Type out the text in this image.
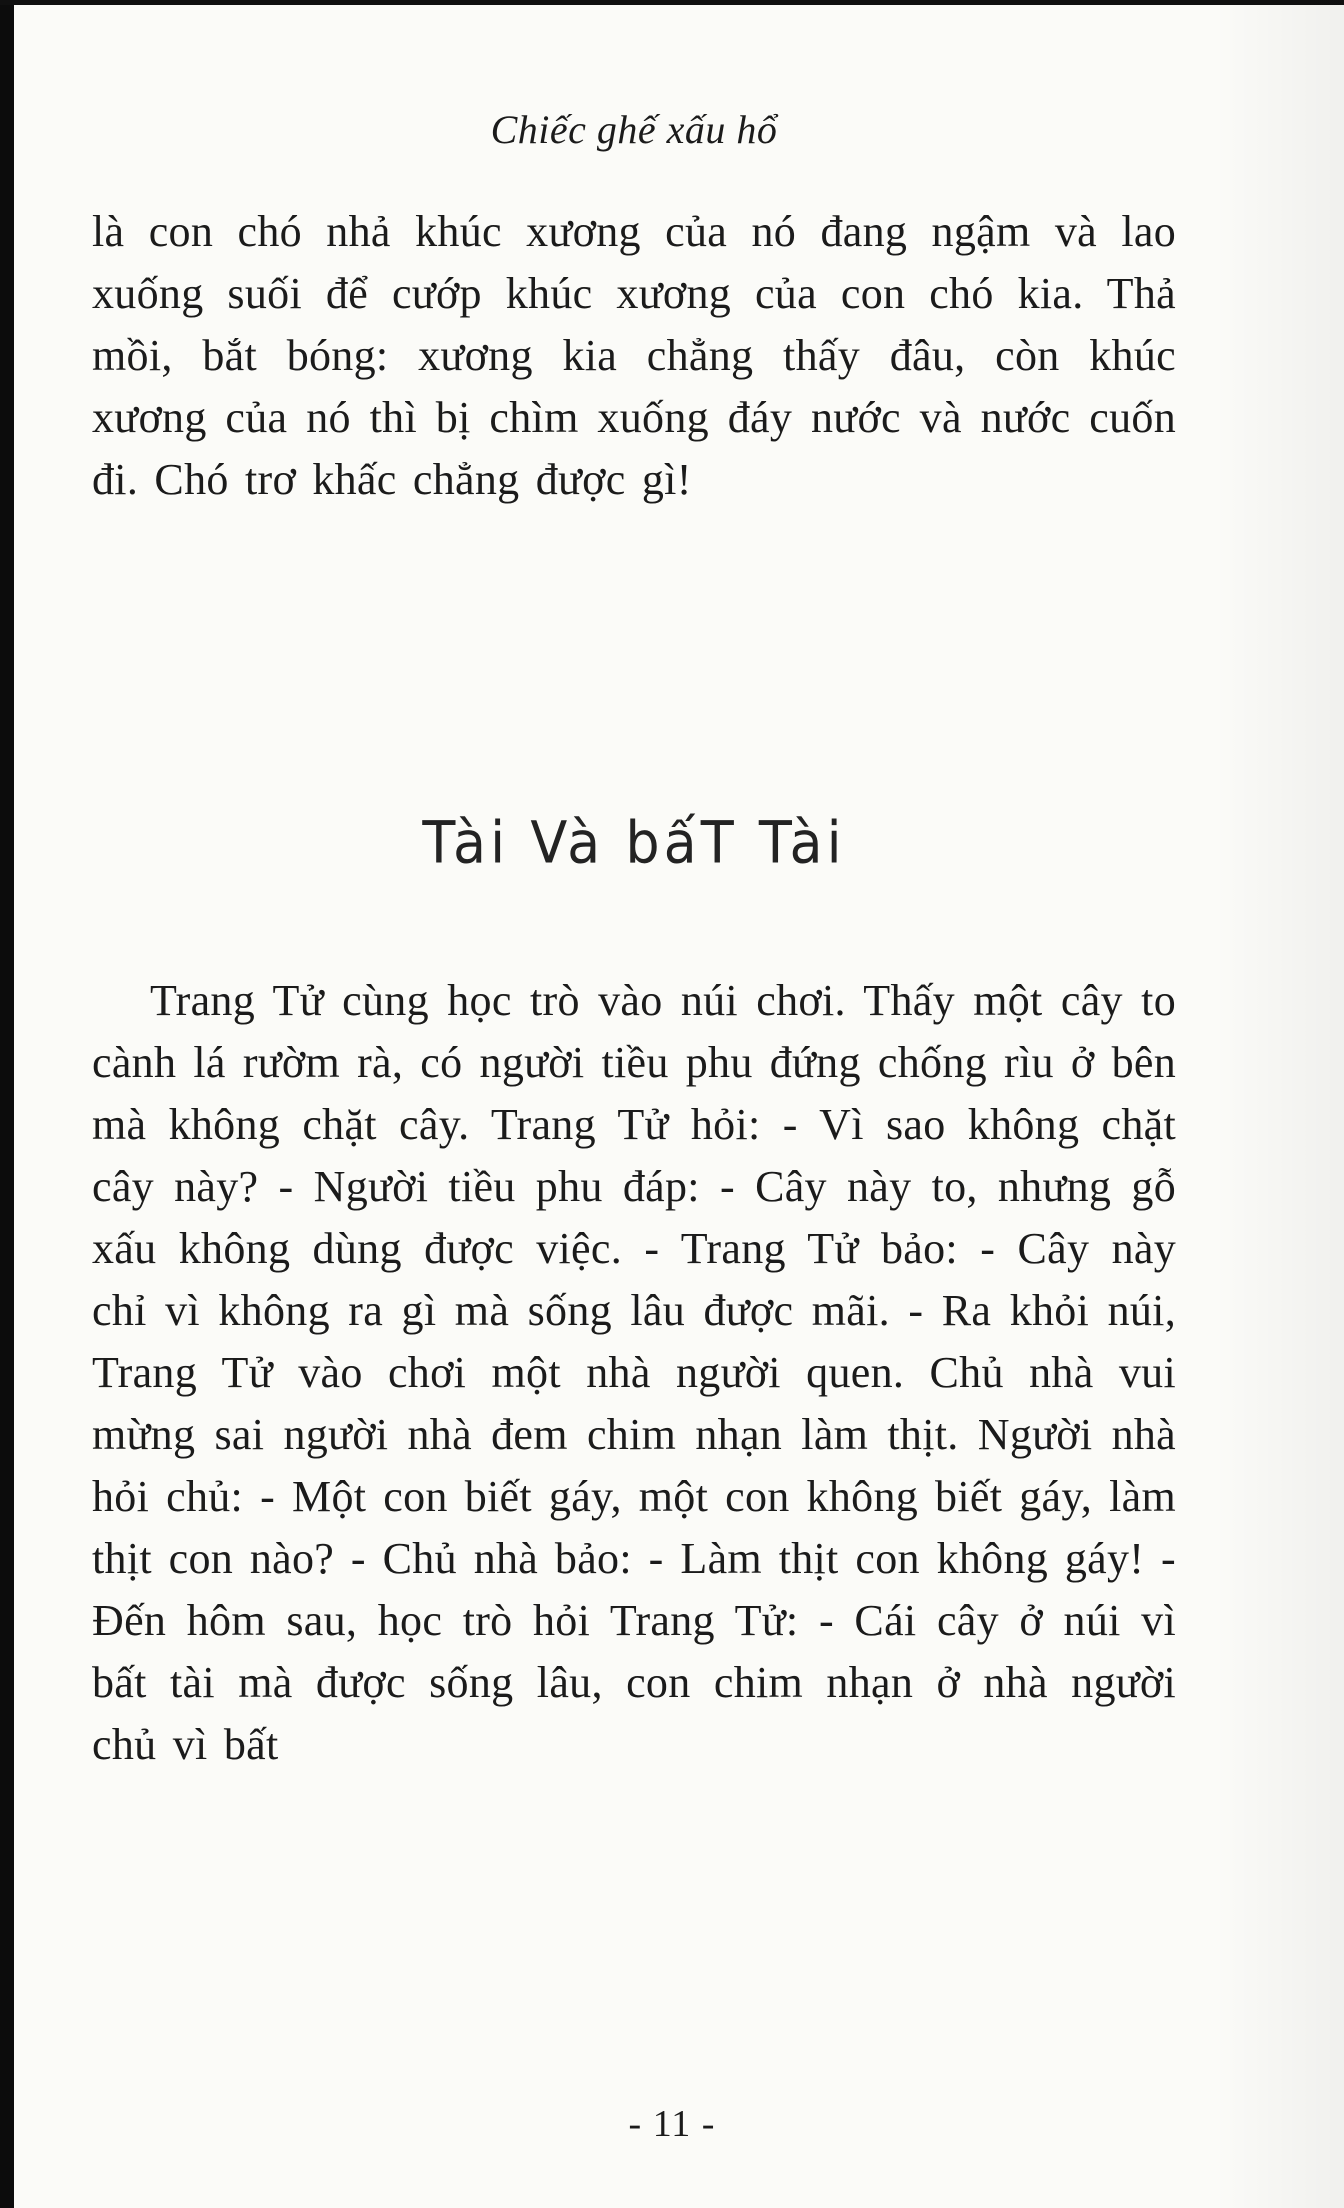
Chiếc ghế xấu hổ
là con chó nhả khúc xương của nó đang ngậm và lao xuống suối để cướp khúc xương của con chó kia. Thả mồi, bắt bóng: xương kia chẳng thấy đâu, còn khúc xương của nó thì bị chìm xuống đáy nước và nước cuốn đi. Chó trơ khấc chẳng được gì!
Tài Và bấT Tài
Trang Tử cùng học trò vào núi chơi. Thấy một cây to cành lá rườm rà, có người tiều phu đứng chống rìu ở bên mà không chặt cây. Trang Tử hỏi: - Vì sao không chặt cây này? - Người tiều phu đáp: - Cây này to, nhưng gỗ xấu không dùng được việc. - Trang Tử bảo: - Cây này chỉ vì không ra gì mà sống lâu được mãi. - Ra khỏi núi, Trang Tử vào chơi một nhà người quen. Chủ nhà vui mừng sai người nhà đem chim nhạn làm thịt. Người nhà hỏi chủ: - Một con biết gáy, một con không biết gáy, làm thịt con nào? - Chủ nhà bảo: - Làm thịt con không gáy! - Đến hôm sau, học trò hỏi Trang Tử: - Cái cây ở núi vì bất tài mà được sống lâu, con chim nhạn ở nhà người chủ vì bất
- 11 -
